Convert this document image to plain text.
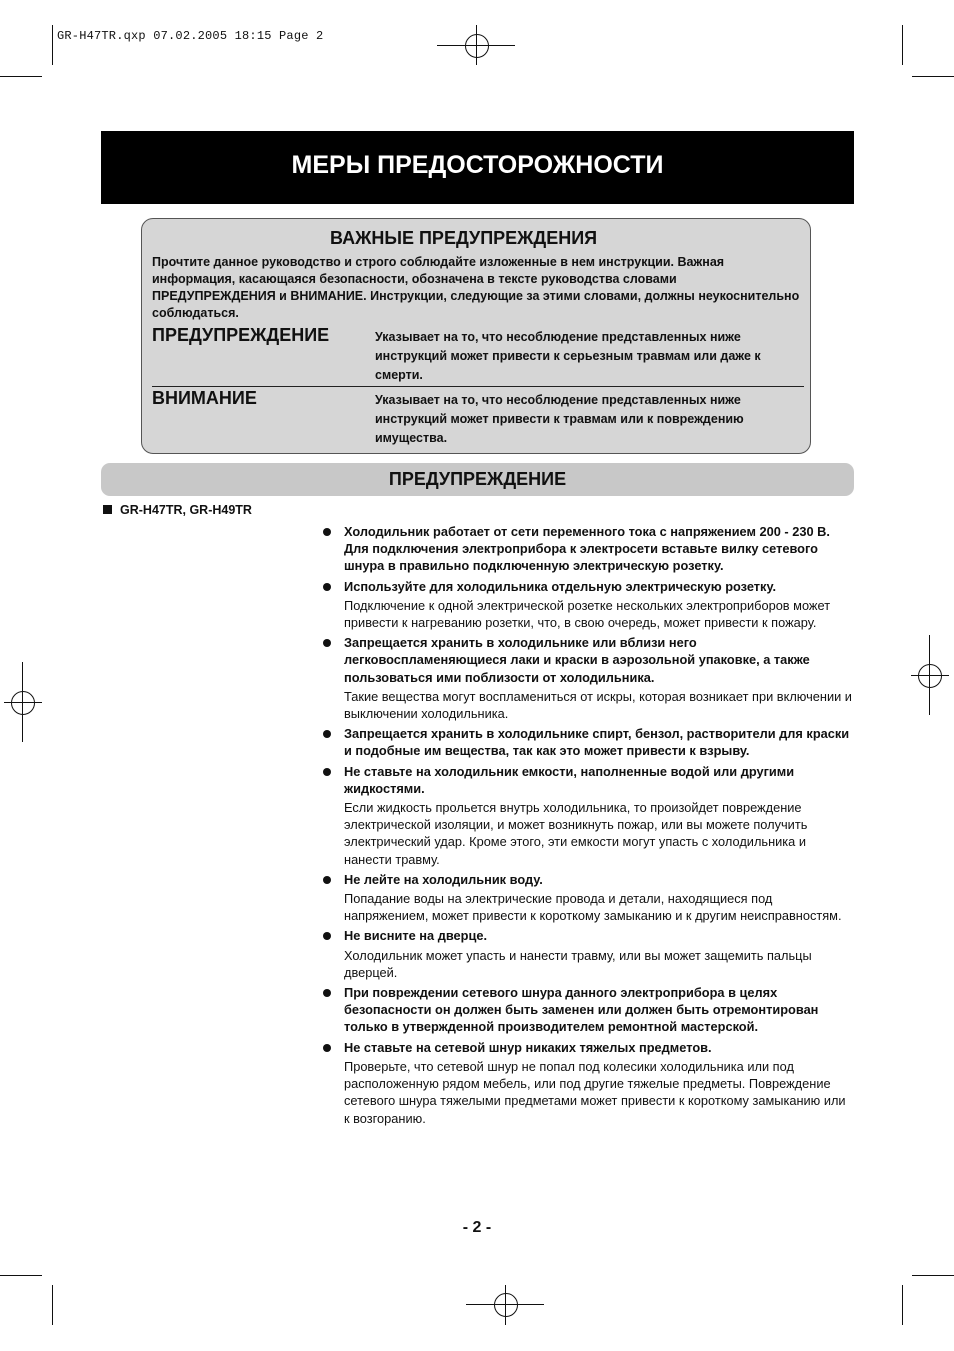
GR-H47TR.qxp 07.02.2005 18:15 Page 2
МЕРЫ ПРЕДОСТОРОЖНОСТИ
ВАЖНЫЕ ПРЕДУПРЕЖДЕНИЯ
Прочтите данное руководство и строго соблюдайте изложенные в нем инструкции. Важная информация, касающаяся безопасности, обозначена в тексте руководства словами ПРЕДУПРЕЖДЕНИЯ и ВНИМАНИЕ. Инструкции, следующие за этими словами, должны неукоснительно соблюдаться.
ПРЕДУПРЕЖДЕНИЕ	Указывает на то, что несоблюдение представленных ниже инструкций может привести к серьезным травмам или даже к смерти.
ВНИМАНИЕ	Указывает на то, что несоблюдение представленных ниже инструкций может привести к травмам или к повреждению имущества.
ПРЕДУПРЕЖДЕНИЕ
GR-H47TR, GR-H49TR
Холодильник работает от сети переменного тока с напряжением 200 - 230 В. Для подключения электроприбора к электросети вставьте вилку сетевого шнура в правильно подключенную электрическую розетку.
Используйте для холодильника отдельную электрическую розетку.
Подключение к одной электрической розетке нескольких электроприборов может привести к нагреванию розетки, что, в свою очередь, может привести к пожару.
Запрещается хранить в холодильнике или вблизи него легковоспламеняющиеся лаки и краски в аэрозольной упаковке, а также пользоваться ими поблизости от холодильника.
Такие вещества могут воспламениться от искры, которая возникает при включении и выключении холодильника.
Запрещается хранить в холодильнике спирт, бензол, растворители для краски и подобные им вещества, так как это может привести к взрыву.
Не ставьте на холодильник емкости, наполненные водой или другими жидкостями.
Если жидкость прольется внутрь холодильника, то произойдет повреждение электрической изоляции, и может возникнуть пожар, или вы можете получить электрический удар. Кроме этого, эти емкости могут упасть с холодильника и нанести травму.
Не лейте на холодильник воду.
Попадание воды на электрические провода и детали, находящиеся под напряжением, может привести к короткому замыканию и к другим неисправностям.
Не висните на дверце.
Холодильник может упасть и нанести травму, или вы может защемить пальцы дверцей.
При повреждении сетевого шнура данного электроприбора в целях безопасности он должен быть заменен или должен быть отремонтирован только в утвержденной производителем ремонтной мастерской.
Не ставьте на сетевой шнур никаких тяжелых предметов.
Проверьте, что сетевой шнур не попал под колесики холодильника или под расположенную рядом мебель, или под другие тяжелые предметы. Повреждение сетевого шнура тяжелыми предметами может привести к короткому замыканию или к возгоранию.
- 2 -
